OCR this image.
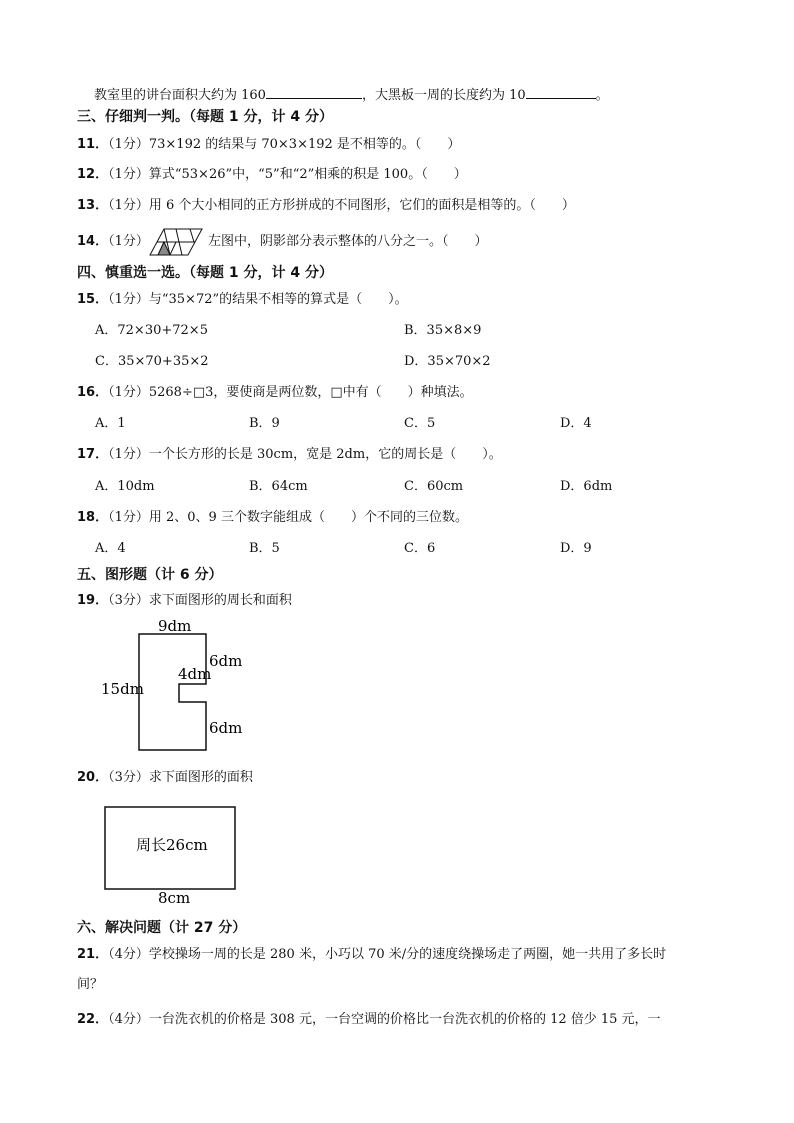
教室里的讲台面积大约为 160	，大黑板一周的长度约为 10	。
三、仔细判一判。（每题 1 分，计 4 分）
11．（1分）73×192 的结果与 70×3×192 是不相等的。（　　）
12．（1分）算式“53×26”中，“5”和“2”相乘的积是 100。（　　）
13．（1分）用 6 个大小相同的正方形拼成的不同图形，它们的面积是相等的。（　　）
14．（1分）	左图中，阴影部分表示整体的八分之一。（　　）
四、慎重选一选。（每题 1 分，计 4 分）
15．（1分）与“35×72”的结果不相等的算式是（　　）。
A．72×30+72×5	B．35×8×9
C．35×70+35×2	D．35×70×2
16．（1分）5268÷□3，要使商是两位数，□中有（　　）种填法。
A．1	B．9	C．5	D．4
17．（1分）一个长方形的长是 30cm，宽是 2dm，它的周长是（　　）。
A．10dm	B．64cm	C．60cm	D．6dm
18．（1分）用 2、0、9 三个数字能组成（　　）个不同的三位数。
A．4	B．5	C．6	D．9
五、图形题（计 6 分）
19．（3分）求下面图形的周长和面积
9dm
15dm
4dm
6dm
6dm
20．（3分）求下面图形的面积
周长26cm
8cm
六、解决问题（计 27 分）
21．（4分）学校操场一周的长是 280 米，小巧以 70 米/分的速度绕操场走了两圈，她一共用了多长时
间？
22．（4分）一台洗衣机的价格是 308 元，一台空调的价格比一台洗衣机的价格的 12 倍少 15 元，一
